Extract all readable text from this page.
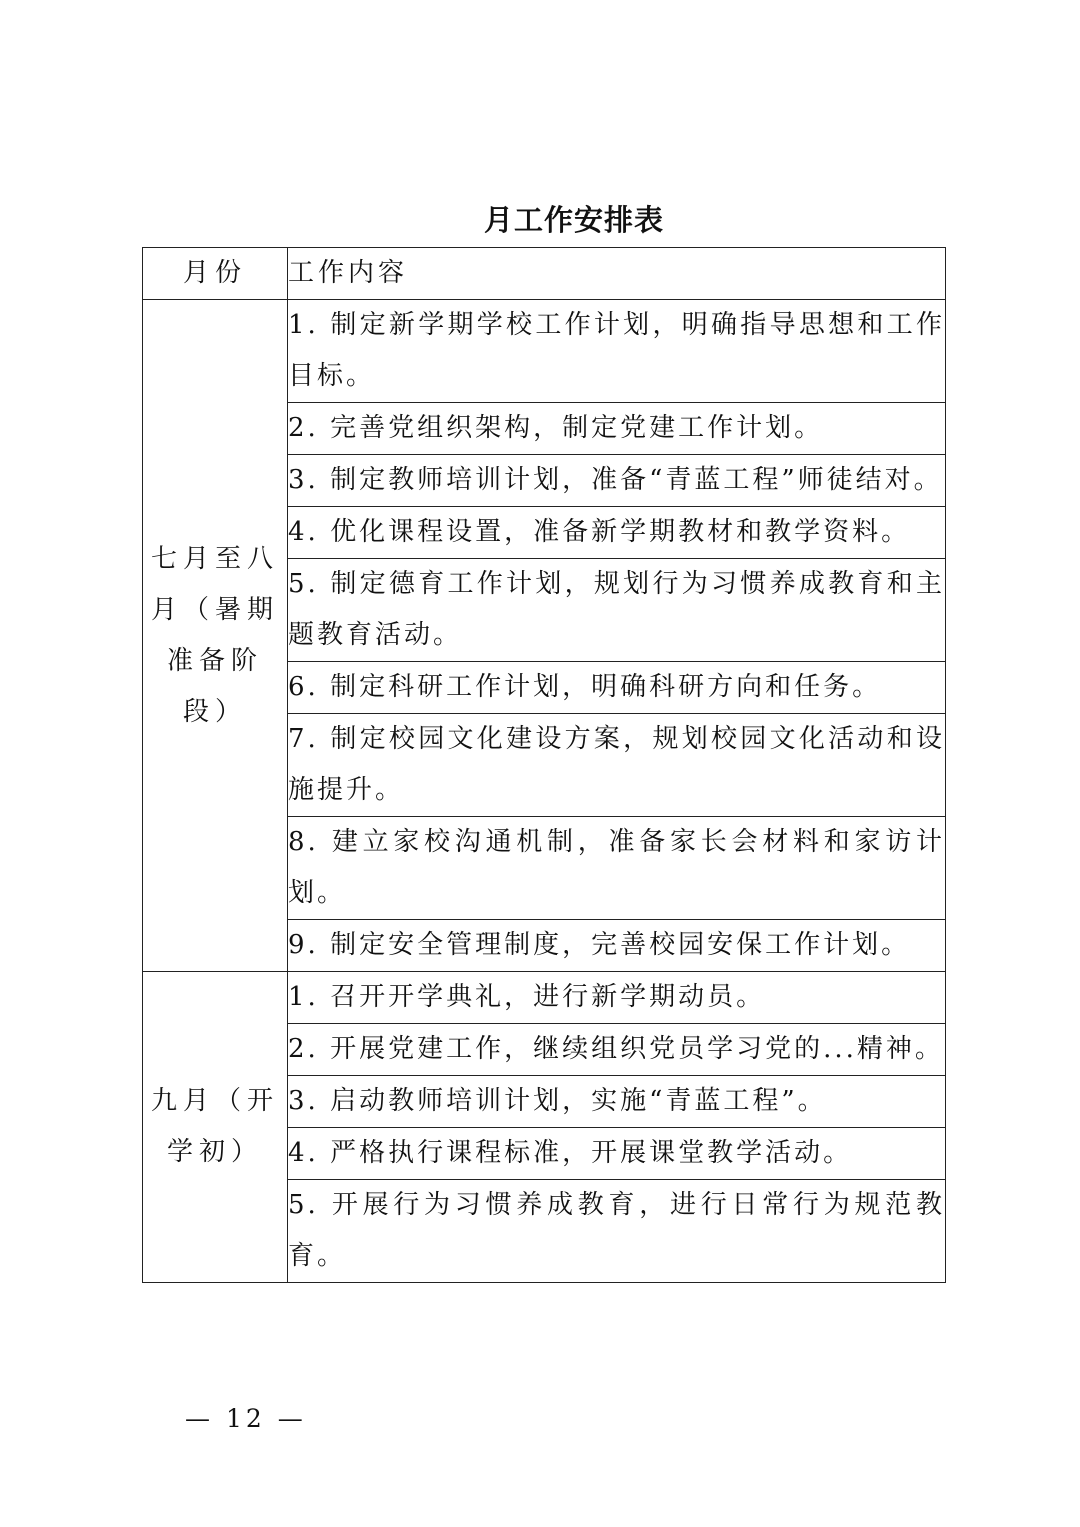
月工作安排表
月份	工作内容
七月至八月（暑期准备阶段）	1. 制定新学期学校工作计划，明确指导思想和工作目标。
	2. 完善党组织架构，制定党建工作计划。
	3. 制定教师培训计划，准备“青蓝工程”师徒结对。
	4. 优化课程设置，准备新学期教材和教学资料。
	5. 制定德育工作计划，规划行为习惯养成教育和主题教育活动。
	6. 制定科研工作计划，明确科研方向和任务。
	7. 制定校园文化建设方案，规划校园文化活动和设施提升。
	8. 建立家校沟通机制，准备家长会材料和家访计划。
	9. 制定安全管理制度，完善校园安保工作计划。
九月（开学初）	1. 召开开学典礼，进行新学期动员。
	2. 开展党建工作，继续组织党员学习党的...精神。
	3. 启动教师培训计划，实施“青蓝工程”。
	4. 严格执行课程标准，开展课堂教学活动。
	5. 开展行为习惯养成教育，进行日常行为规范教育。
— 12 —
